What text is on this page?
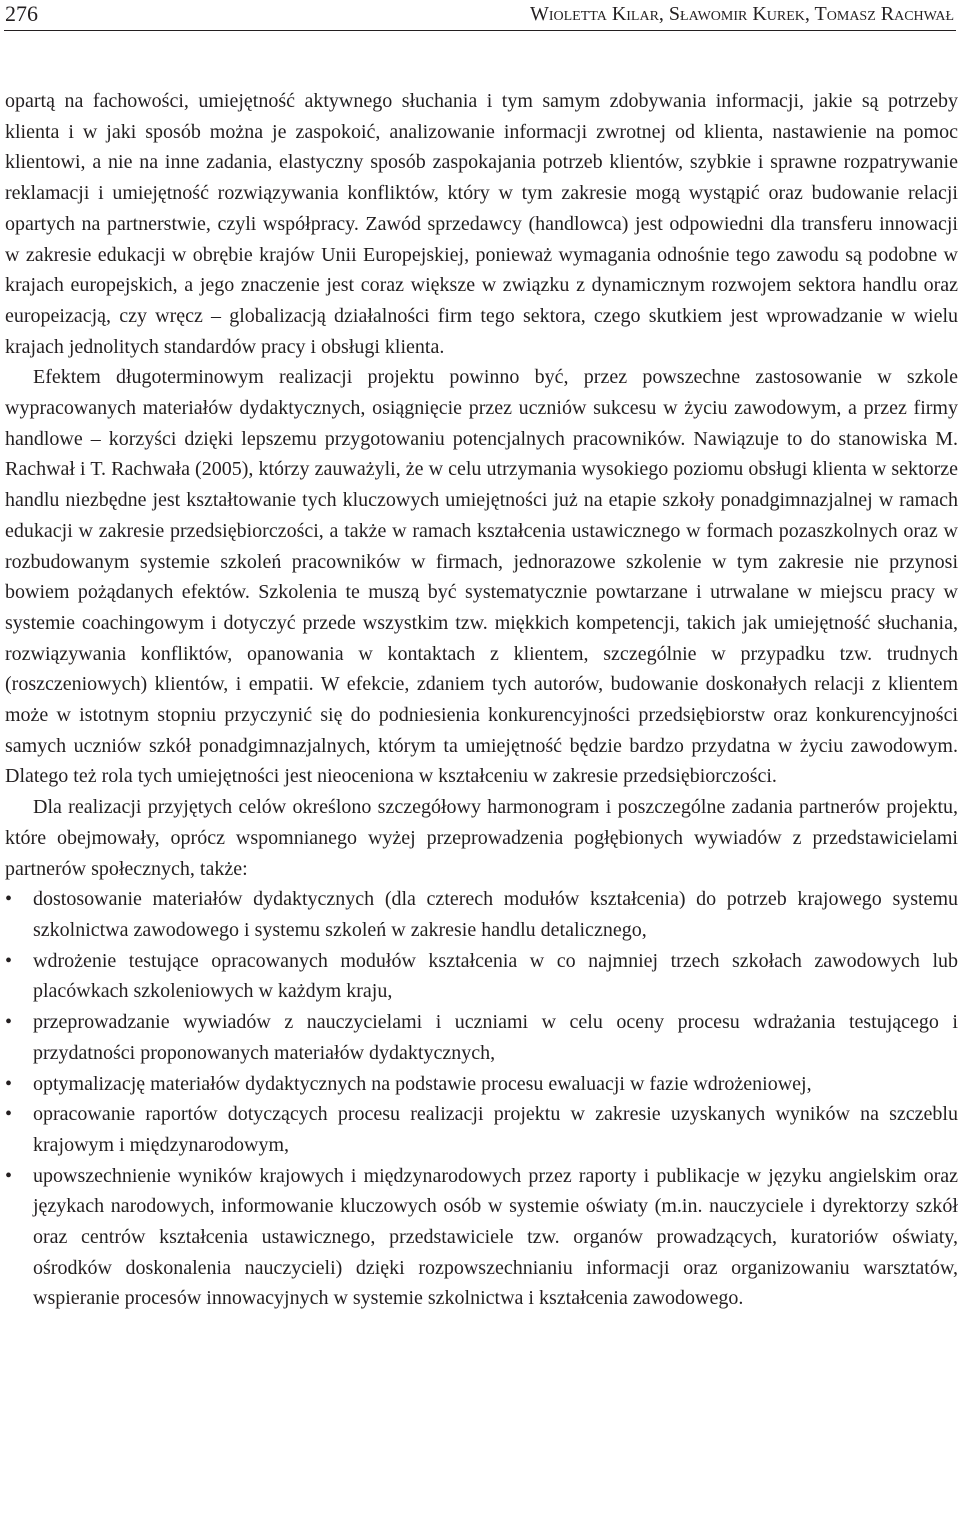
276	Wioletta Kilar, Sławomir Kurek, Tomasz Rachwał

opartą na fachowości, umiejętność aktywnego słuchania i tym samym zdobywania informacji, jakie są potrzeby klienta i w jaki sposób można je zaspokoić, analizowanie informacji zwrotnej od klienta, nastawienie na pomoc klientowi, a nie na inne zadania, elastyczny sposób zaspokajania potrzeb klientów, szybkie i sprawne rozpatrywanie reklamacji i umiejętność rozwiązywania konfliktów, który w tym zakresie mogą wystąpić oraz budowanie relacji opartych na partnerstwie, czyli współpracy. Zawód sprzedawcy (handlowca) jest odpowiedni dla transferu innowacji w zakresie edukacji w obrębie krajów Unii Europejskiej, ponieważ wymagania odnośnie tego zawodu są podobne w krajach europejskich, a jego znaczenie jest coraz większe w związku z dynamicznym rozwojem sektora handlu oraz europeizacją, czy wręcz – globalizacją działalności firm tego sektora, czego skutkiem jest wprowadzanie w wielu krajach jednolitych standardów pracy i obsługi klienta.

Efektem długoterminowym realizacji projektu powinno być, przez powszechne zastosowanie w szkole wypracowanych materiałów dydaktycznych, osiągnięcie przez uczniów sukcesu w życiu zawodowym, a przez firmy handlowe – korzyści dzięki lepszemu przygotowaniu potencjalnych pracowników. Nawiązuje to do stanowiska M. Rachwał i T. Rachwała (2005), którzy zauważyli, że w celu utrzymania wysokiego poziomu obsługi klienta w sektorze handlu niezbędne jest kształtowanie tych kluczowych umiejętności już na etapie szkoły ponadgimnazjalnej w ramach edukacji w zakresie przedsiębiorczości, a także w ramach kształcenia ustawicznego w formach pozaszkolnych oraz w rozbudowanym systemie szkoleń pracowników w firmach, jednorazowe szkolenie w tym zakresie nie przynosi bowiem pożądanych efektów. Szkolenia te muszą być systematycznie powtarzane i utrwalane w miejscu pracy w systemie coachingowym i dotyczyć przede wszystkim tzw. miękkich kompetencji, takich jak umiejętność słuchania, rozwiązywania konfliktów, opanowania w kontaktach z klientem, szczególnie w przypadku tzw. trudnych (roszczeniowych) klientów, i empatii. W efekcie, zdaniem tych autorów, budowanie doskonałych relacji z klientem może w istotnym stopniu przyczynić się do podniesienia konkurencyjności przedsiębiorstw oraz konkurencyjności samych uczniów szkół ponadgimnazjalnych, którym ta umiejętność będzie bardzo przydatna w życiu zawodowym. Dlatego też rola tych umiejętności jest nieoceniona w kształceniu w zakresie przedsiębiorczości.

Dla realizacji przyjętych celów określono szczegółowy harmonogram i poszczególne zadania partnerów projektu, które obejmowały, oprócz wspomnianego wyżej przeprowadzenia pogłębionych wywiadów z przedstawicielami partnerów społecznych, także:

• dostosowanie materiałów dydaktycznych (dla czterech modułów kształcenia) do potrzeb krajowego systemu szkolnictwa zawodowego i systemu szkoleń w zakresie handlu detalicznego,
• wdrożenie testujące opracowanych modułów kształcenia w co najmniej trzech szkołach zawodowych lub placówkach szkoleniowych w każdym kraju,
• przeprowadzanie wywiadów z nauczycielami i uczniami w celu oceny procesu wdrażania testującego i przydatności proponowanych materiałów dydaktycznych,
• optymalizację materiałów dydaktycznych na podstawie procesu ewaluacji w fazie wdrożeniowej,
• opracowanie raportów dotyczących procesu realizacji projektu w zakresie uzyskanych wyników na szczeblu krajowym i międzynarodowym,
• upowszechnienie wyników krajowych i międzynarodowych przez raporty i publikacje w języku angielskim oraz językach narodowych, informowanie kluczowych osób w systemie oświaty (m.in. nauczyciele i dyrektorzy szkół oraz centrów kształcenia ustawicznego, przedstawiciele tzw. organów prowadzących, kuratoriów oświaty, ośrodków doskonalenia nauczycieli) dzięki rozpowszechnianiu informacji oraz organizowaniu warsztatów, wspieranie procesów innowacyjnych w systemie szkolnictwa i kształcenia zawodowego.
